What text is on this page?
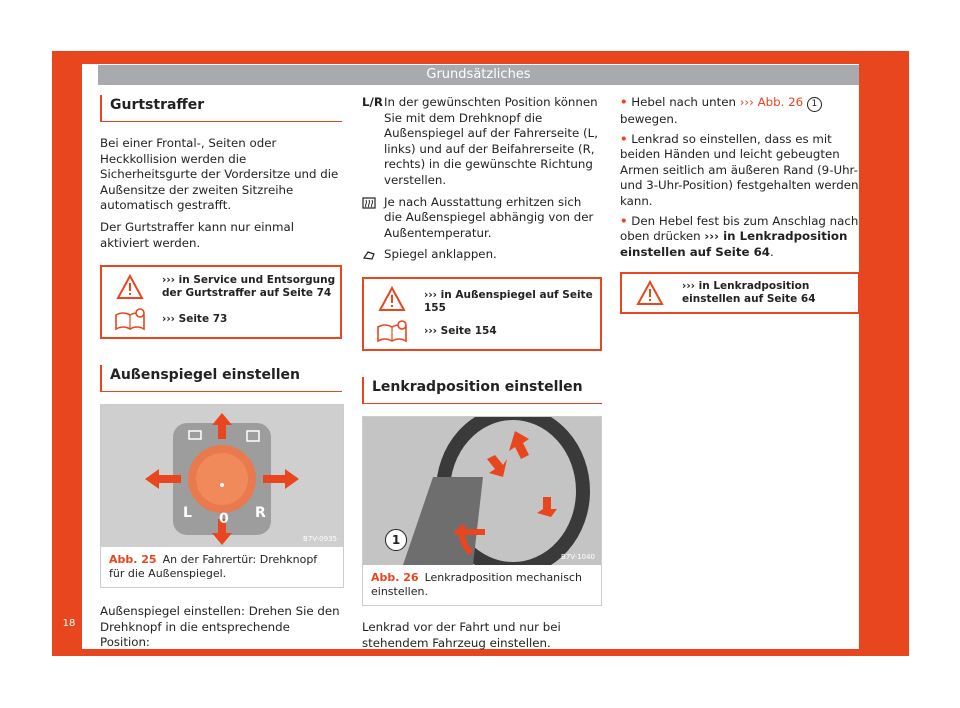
Grundsätzliches
18
Gurtstraffer

Bei einer Frontal-, Seiten oder Heckkollision werden die Sicherheitsgurte der Vordersitze und die Außensitze der zweiten Sitzreihe automatisch gestrafft.

Der Gurtstraffer kann nur einmal aktiviert werden.

››› in Service und Entsorgung der Gurtstraffer auf Seite 74
››› Seite 73
Außenspiegel einstellen
L 0 R
B7V-0935
Abb. 25 An der Fahrertür: Drehknopf für die Außenspiegel.

Außenspiegel einstellen: Drehen Sie den Drehknopf in die entsprechende Position:

L/R In der gewünschten Position können Sie mit dem Drehknopf die Außenspiegel auf der Fahrerseite (L, links) und auf der Beifahrerseite (R, rechts) in die gewünschte Richtung verstellen.
Je nach Ausstattung erhitzen sich die Außenspiegel abhängig von der Außentemperatur.
Spiegel anklappen.
››› in Außenspiegel auf Seite 155
››› Seite 154
Lenkradposition einstellen
1
B7V-1040
Abb. 26 Lenkradposition mechanisch einstellen.

Lenkrad vor der Fahrt und nur bei stehendem Fahrzeug einstellen.

• Hebel nach unten ››› Abb. 26 1 bewegen.

• Lenkrad so einstellen, dass es mit beiden Händen und leicht gebeugten Armen seitlich am äußeren Rand (9-Uhr- und 3-Uhr-Position) festgehalten werden kann.

• Den Hebel fest bis zum Anschlag nach oben drücken ››› in Lenkradposition einstellen auf Seite 64.

››› in Lenkradposition einstellen auf Seite 64
